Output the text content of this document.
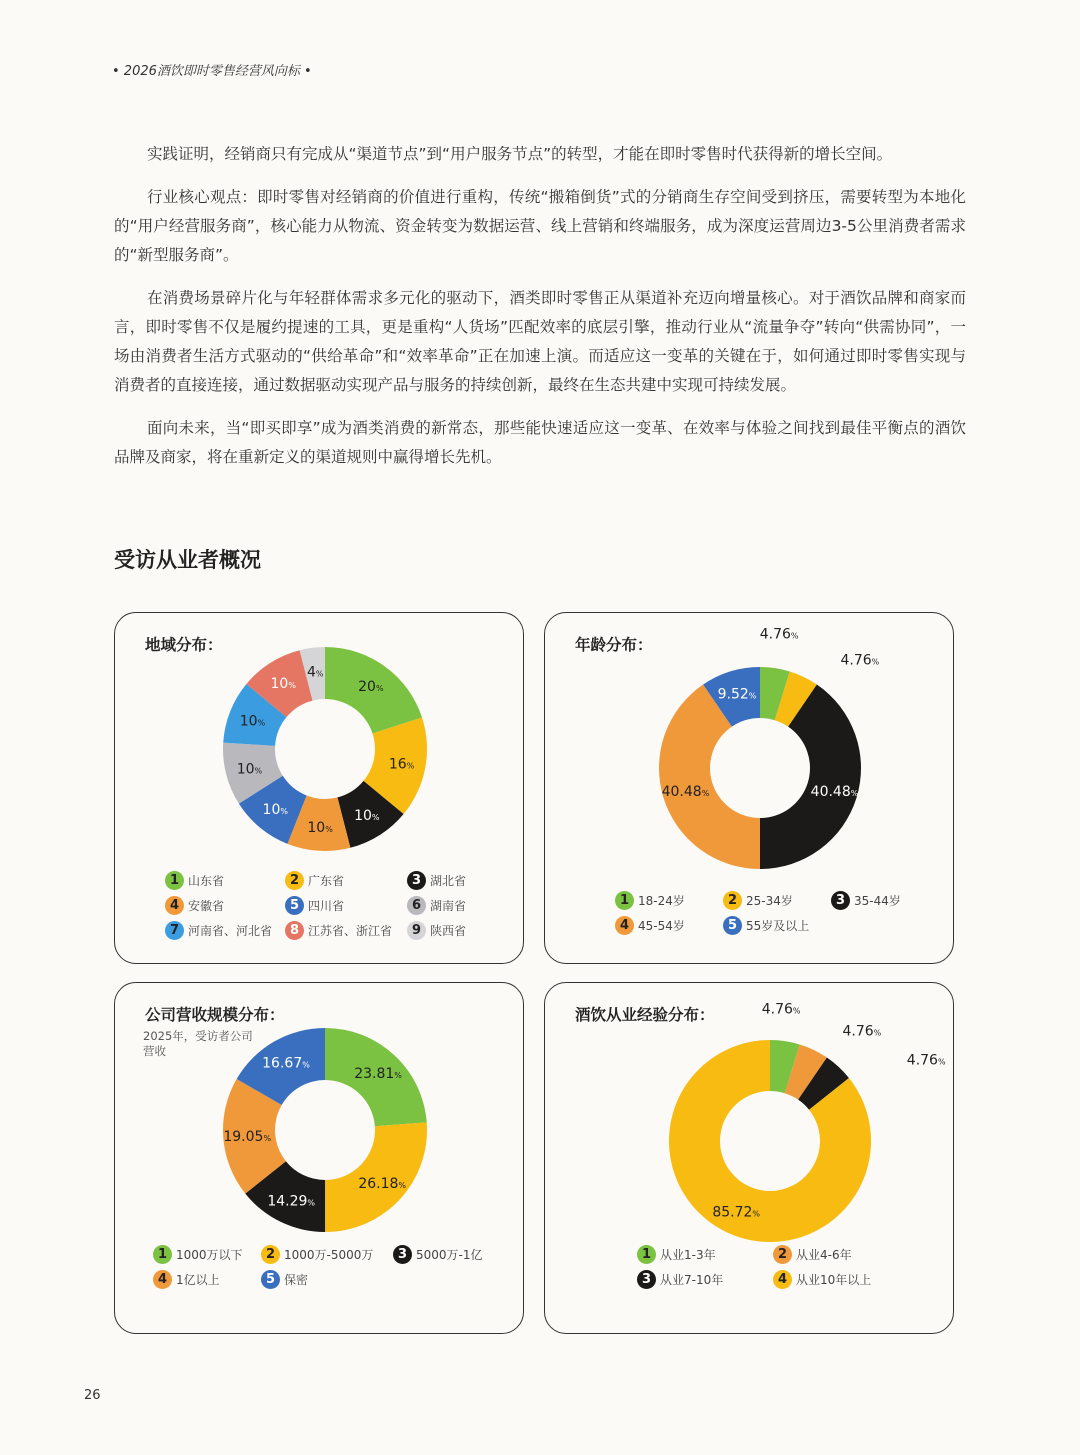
• 2026酒饮即时零售经营风向标 •

实践证明，经销商只有完成从“渠道节点”到“用户服务节点”的转型，才能在即时零售时代获得新的增长空间。

行业核心观点：即时零售对经销商的价值进行重构，传统“搬箱倒货”式的分销商生存空间受到挤压，需要转型为本地化的“用户经营服务商”，核心能力从物流、资金转变为数据运营、线上营销和终端服务，成为深度运营周边3-5公里消费者需求的“新型服务商”。

在消费场景碎片化与年轻群体需求多元化的驱动下，酒类即时零售正从渠道补充迈向增量核心。对于酒饮品牌和商家而言，即时零售不仅是履约提速的工具，更是重构“人货场”匹配效率的底层引擎，推动行业从“流量争夺”转向“供需协同”，一场由消费者生活方式驱动的“供给革命”和“效率革命”正在加速上演。而适应这一变革的关键在于，如何通过即时零售实现与消费者的直接连接，通过数据驱动实现产品与服务的持续创新，最终在生态共建中实现可持续发展。

面向未来，当“即买即享”成为酒类消费的新常态，那些能快速适应这一变革、在效率与体验之间找到最佳平衡点的酒饮品牌及商家，将在重新定义的渠道规则中赢得增长先机。

受访从业者概况
地域分布：
20%
16%
10%
10%
10%
10%
10%
10%
4%
1 山东省	2 广东省	3 湖北省
4 安徽省	5 四川省	6 湖南省
7 河南省、河北省	8 江苏省、浙江省	9 陕西省
年龄分布：
4.76%
4.76%
40.48%
40.48%
9.52%
1 18-24岁	2 25-34岁	3 35-44岁
4 45-54岁	5 55岁及以上
公司营收规模分布：
2025年，受访者公司营收
23.81%
26.18%
14.29%
19.05%
16.67%
1 1000万以下	2 1000万-5000万	3 5000万-1亿
4 1亿以上	5 保密
酒饮从业经验分布：	4.76%
4.76%
4.76%
85.72%
1 从业1-3年	2 从业4-6年
3 从业7-10年	4 从业10年以上
26
